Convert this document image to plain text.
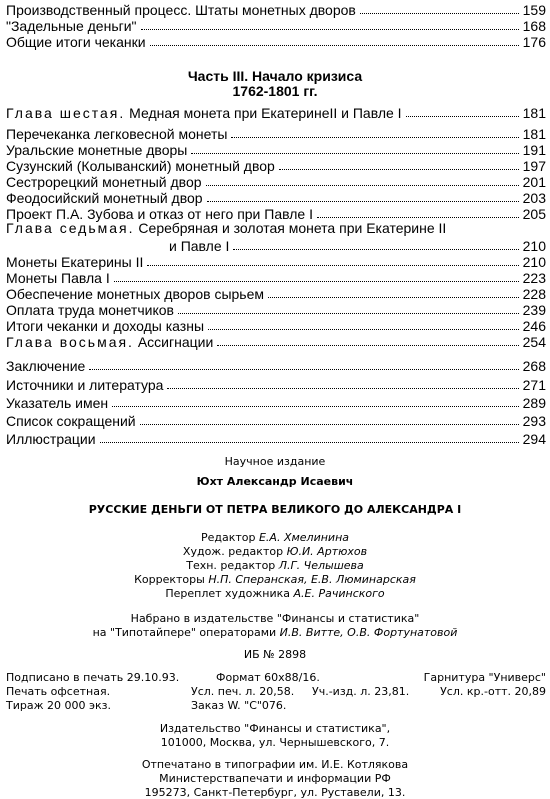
Производственный процесс. Штаты монетных дворов	159
"Задельные деньги"	168
Общие итоги чеканки	176
Часть III. Начало кризиса
1762-1801 гг.
Глава шестая. Медная монета при ЕкатеринеII и Павле I	181
Перечеканка легковесной монеты	181
Уральские монетные дворы	191
Сузунский (Колыванский) монетный двор	197
Сестрорецкий монетный двор	201
Феодосийский монетный двор	203
Проект П.А. Зубова и отказ от него при Павле I	205
Глава седьмая. Серебряная и золотая монета при Екатерине II
и Павле I	210
Монеты Екатерины II	210
Монеты Павла I	223
Обеспечение монетных дворов сырьем	228
Оплата труда монетчиков	239
Итоги чеканки и доходы казны	246
Глава восьмая. Ассигнации	254
Заключение	268
Источники и литература	271
Указатель имен	289
Список сокращений	293
Иллюстрации	294
Научное издание
Юхт Александр Исаевич
РУССКИЕ ДЕНЬГИ ОТ ПЕТРА ВЕЛИКОГО ДО АЛЕКСАНДРА I
Редактор Е.А. Хмелинина
Худож. редактор Ю.И. Артюхов
Техн. редактор Л.Г. Челышева
Корректоры Н.П. Сперанская, Е.В. Люминарская
Переплет художника А.Е. Рачинского
Набрано в издательстве "Финансы и статистика"
на "Типотайпере" операторами И.В. Витте, О.В. Фортунатовой
ИБ № 2898
Подписано в печать 29.10.93.	Формат 60х88/16.	Гарнитура "Универс"
Печать офсетная.	Усл. печ. л. 20,58. Уч.-изд. л. 23,81.	Усл. кр.-отт. 20,89
Тираж 20 000 экз.	Заказ W. "С"076.
Издательство "Финансы и статистика",
101000, Москва, ул. Чернышевского, 7.
Отпечатано в типографии им. И.Е. Котлякова
Министерствапечати и информации РФ
195273, Санкт-Петербург, ул. Руставели, 13.
